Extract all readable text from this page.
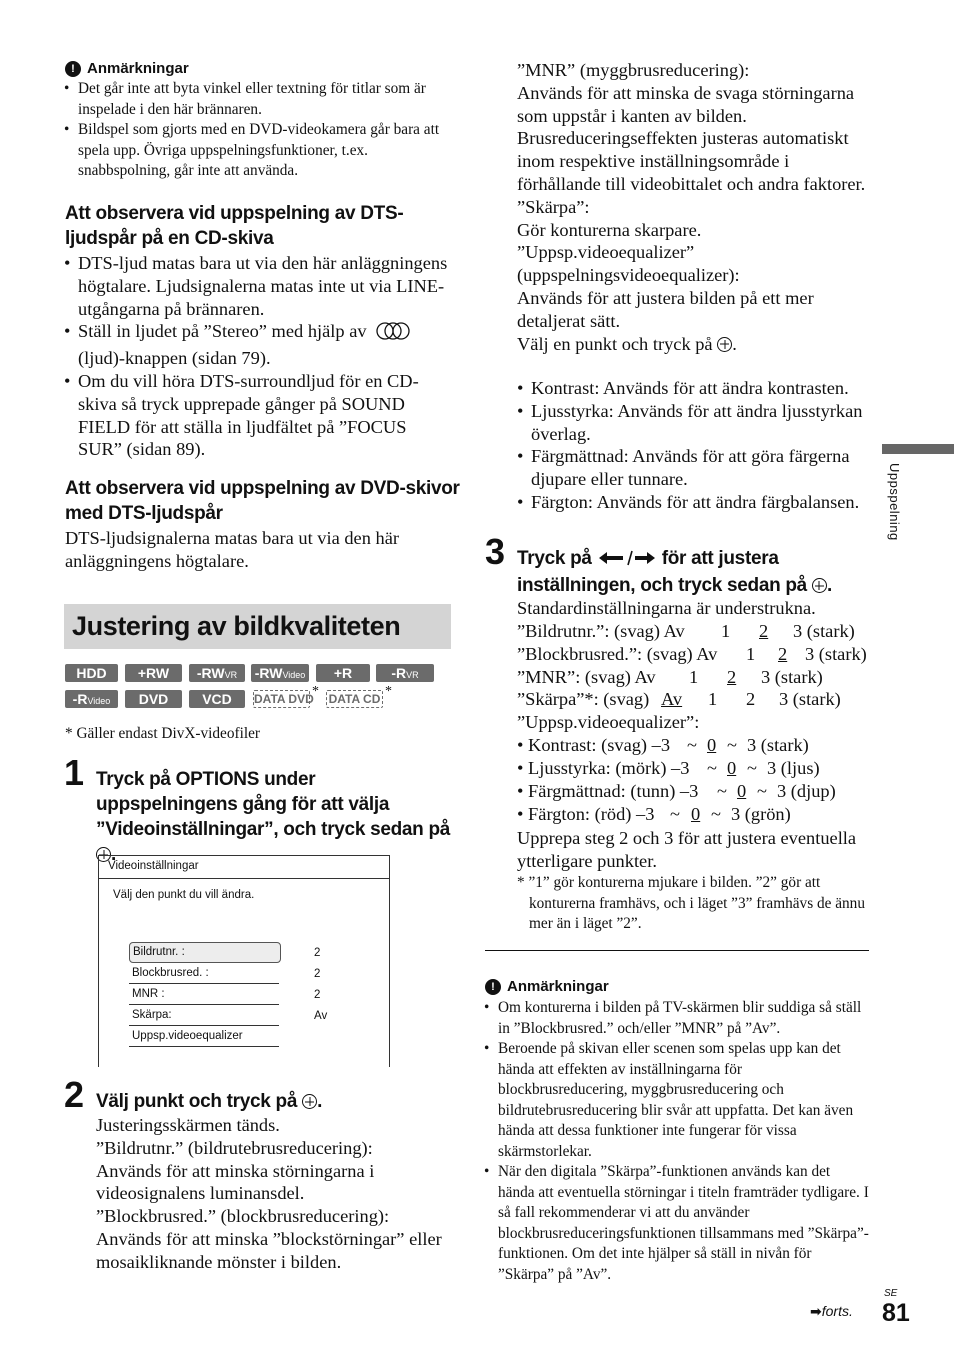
! Anmärkningar
• Det går inte att byta vinkel eller textning för titlar som är inspelade i den här brännaren.
• Bildspel som gjorts med en DVD-videokamera går bara att spela upp. Övriga uppspelningsfunktioner, t.ex. snabbspolning, går inte att använda.
Att observera vid uppspelning av DTS-ljudspår på en CD-skiva
• DTS-ljud matas bara ut via den här anläggningens högtalare. Ljudsignalerna matas inte ut via LINE-utgångarna på brännaren.
• Ställ in ljudet på ”Stereo” med hjälp av
(ljud)-knappen (sidan 79).
• Om du vill höra DTS-surroundljud för en CD-skiva så tryck upprepade gånger på SOUND FIELD för att ställa in ljudfältet på ”FOCUS SUR” (sidan 89).
Att observera vid uppspelning av DVD-skivor med DTS-ljudspår

DTS-ljudsignalerna matas bara ut via den här anläggningens högtalare.

Justering av bildkvaliteten
HDD	+RW	-RWVR	-RWVideo	+R	-RVR
-RVideo	DVD	VCD	DATA DVD
* DATA CD *

* Gäller endast DivX-videofiler

1 Tryck på OPTIONS under uppspelningens gång för att välja ”Videoinställningar”, och tryck sedan på .
Videoinställningar
Välj den punkt du vill ändra.
Bildrutnr. :	2
Blockbrusred. :	2
MNR :	2
Skärpa:	Av
Uppsp.videoequalizer
2 Välj punkt och tryck på .

Justeringsskärmen tänds.

”Bildrutnr.” (bildrutebrusreducering):

Används för att minska störningarna i videosignalens luminansdel.

”Blockbrusred.” (blockbrusreducering):

Används för att minska ”blockstörningar” eller mosaikliknande mönster i bilden.

”MNR” (myggbrusreducering):

Används för att minska de svaga störningarna som uppstår i kanten av bilden. Brusreduceringseffekten justeras automatiskt inom respektive inställningsområde i förhållande till videobittalet och andra faktorer.

”Skärpa”:

Gör konturerna skarpare.

”Uppsp.videoequalizer” (uppspelningsvideoequalizer):

Används för att justera bilden på ett mer detaljerat sätt.

Välj en punkt och tryck på .

• Kontrast: Används för att ändra kontrasten.
• Ljusstyrka: Används för att ändra ljusstyrkan överlag.
• Färgmättnad: Används för att göra färgerna djupare eller tunnare.
• Färgton: Används för att ändra färgbalansen.
3 Tryck på	för att justera inställningen, och tryck sedan på .

Standardinställningarna är understrukna.

”Bildrutnr.”: (svag) Av 1 2 3 (stark)
”Blockbrusred.”: (svag) Av 1 2 3 (stark)
”MNR”: (svag) Av 1 2 3 (stark)
”Skärpa”*: (svag) Av 1 2 3 (stark)

”Uppsp.videoequalizer”:

• Kontrast: (svag) –3 ~ 0 ~ 3 (stark)
• Ljusstyrka: (mörk) –3 ~ 0 ~ 3 (ljus)
• Färgmättnad: (tunn) –3 ~ 0 ~ 3 (djup)
• Färgton: (röd) –3 ~ 0 ~ 3 (grön)

Upprepa steg 2 och 3 för att justera eventuella ytterligare punkter.

* ”1” gör konturerna mjukare i bilden. ”2” gör att konturerna framhävs, och i läget ”3” framhävs de ännu mer än i läget ”2”.

! Anmärkningar
• Om konturerna i bilden på TV-skärmen blir suddiga så ställ in ”Blockbrusred.” och/eller ”MNR” på ”Av”.
• Beroende på skivan eller scenen som spelas upp kan det hända att effekten av inställningarna för blockbrusreducering, myggbrusreducering och bildrutebrusreducering blir svår att uppfatta. Det kan även hända att dessa funktioner inte fungerar för vissa skärmstorlekar.
• När den digitala ”Skärpa”-funktionen används kan det hända att eventuella störningar i titeln framträder tydligare. I så fall rekommenderar vi att du använder blockbrusreduceringsfunktionen tillsammans med ”Skärpa”-funktionen. Om det inte hjälper så ställ in nivån för ”Skärpa” på ”Av”.
Uppspelning
➡forts.
SE
81
